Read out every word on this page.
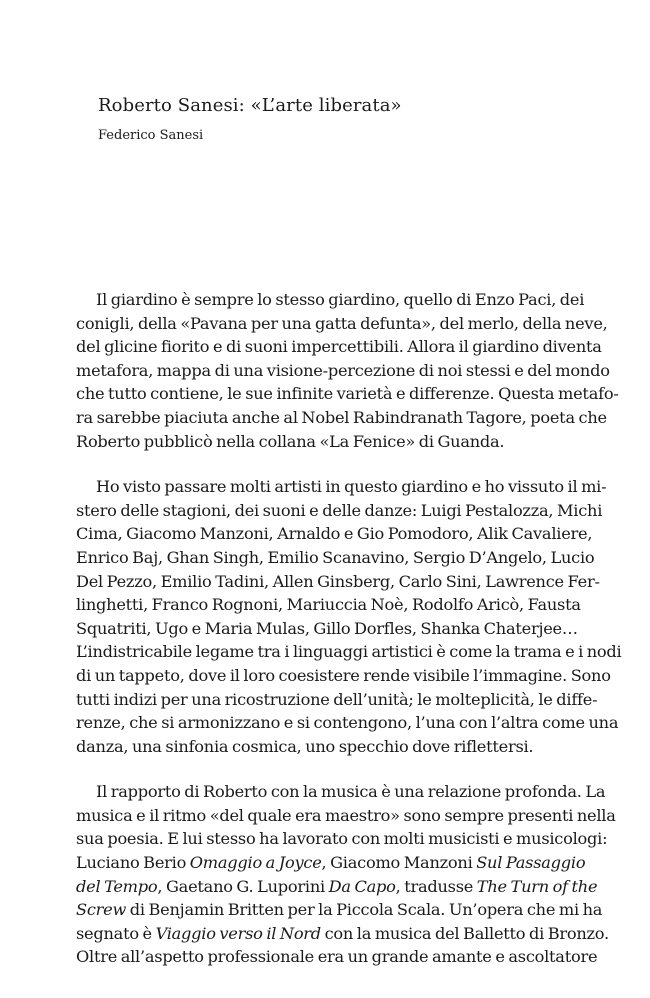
Roberto Sanesi: «L’arte liberata»
Federico Sanesi
Il giardino è sempre lo stesso giardino, quello di Enzo Paci, dei
conigli, della «Pavana per una gatta defunta», del merlo, della neve,
del glicine fiorito e di suoni impercettibili. Allora il giardino diventa
metafora, mappa di una visione-percezione di noi stessi e del mondo
che tutto contiene, le sue infinite varietà e differenze. Questa metafo-
ra sarebbe piaciuta anche al Nobel Rabindranath Tagore, poeta che
Roberto pubblicò nella collana «La Fenice» di Guanda.
Ho visto passare molti artisti in questo giardino e ho vissuto il mi-
stero delle stagioni, dei suoni e delle danze: Luigi Pestalozza, Michi
Cima, Giacomo Manzoni, Arnaldo e Gio Pomodoro, Alik Cavaliere,
Enrico Baj, Ghan Singh, Emilio Scanavino, Sergio D’Angelo, Lucio
Del Pezzo, Emilio Tadini, Allen Ginsberg, Carlo Sini, Lawrence Fer-
linghetti, Franco Rognoni, Mariuccia Noè, Rodolfo Aricò, Fausta
Squatriti, Ugo e Maria Mulas, Gillo Dorfles, Shanka Chaterjee…
L’indistricabile legame tra i linguaggi artistici è come la trama e i nodi
di un tappeto, dove il loro coesistere rende visibile l’immagine. Sono
tutti indizi per una ricostruzione dell’unità; le molteplicità, le diffe-
renze, che si armonizzano e si contengono, l’una con l’altra come una
danza, una sinfonia cosmica, uno specchio dove riflettersi.
Il rapporto di Roberto con la musica è una relazione profonda. La
musica e il ritmo «del quale era maestro» sono sempre presenti nella
sua poesia. E lui stesso ha lavorato con molti musicisti e musicologi:
Luciano Berio Omaggio a Joyce, Giacomo Manzoni Sul Passaggio
del Tempo, Gaetano G. Luporini Da Capo, tradusse The Turn of the
Screw di Benjamin Britten per la Piccola Scala. Un’opera che mi ha
segnato è Viaggio verso il Nord con la musica del Balletto di Bronzo.
Oltre all’aspetto professionale era un grande amante e ascoltatore
